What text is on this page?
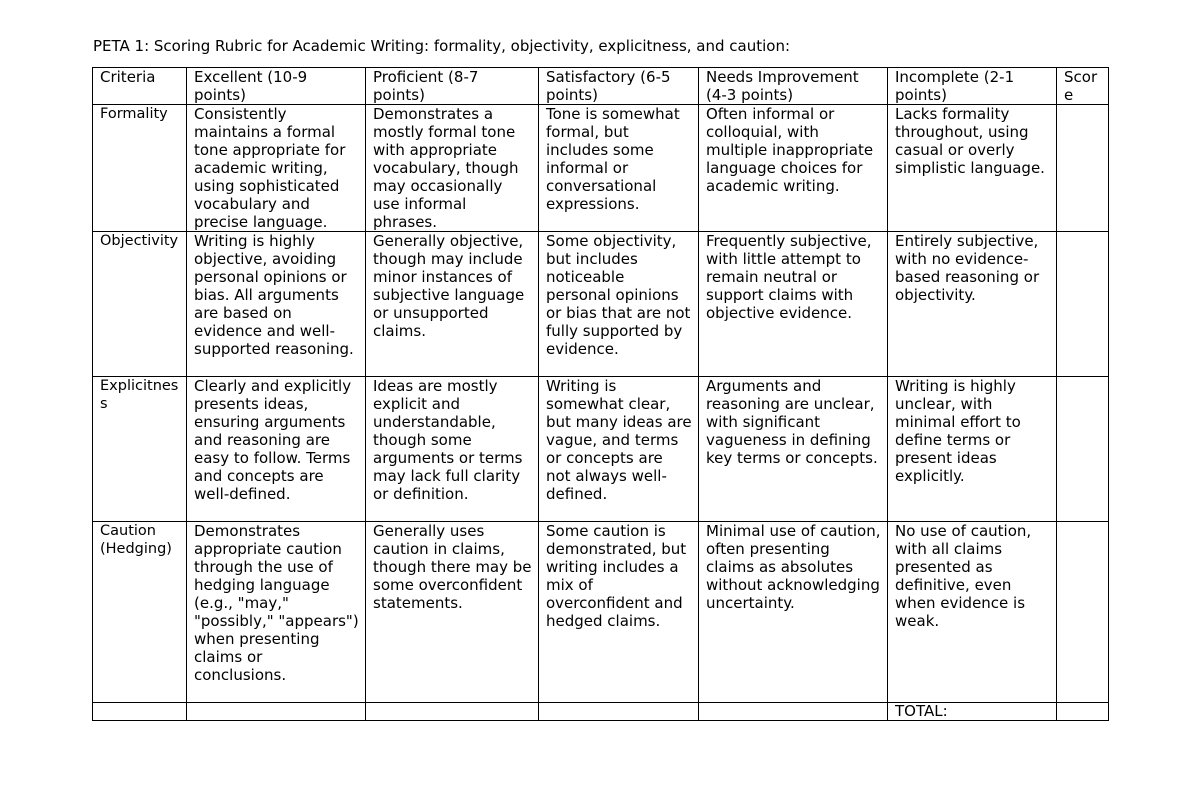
PETA 1: Scoring Rubric for Academic Writing: formality, objectivity, explicitness, and caution:
Criteria	Excellent (10-9 points)	Proficient (8-7 points)	Satisfactory (6-5 points)	Needs Improvement (4-3 points)	Incomplete (2-1 points)	Score
Formality	Consistently maintains a formal tone appropriate for academic writing, using sophisticated vocabulary and precise language.	Demonstrates a mostly formal tone with appropriate vocabulary, though may occasionally use informal phrases.	Tone is somewhat formal, but includes some informal or conversational expressions.	Often informal or colloquial, with multiple inappropriate language choices for academic writing.	Lacks formality throughout, using casual or overly simplistic language.	
Objectivity	Writing is highly objective, avoiding personal opinions or bias. All arguments are based on evidence and well-supported reasoning.	Generally objective, though may include minor instances of subjective language or unsupported claims.	Some objectivity, but includes noticeable personal opinions or bias that are not fully supported by evidence.	Frequently subjective, with little attempt to remain neutral or support claims with objective evidence.	Entirely subjective, with no evidence-based reasoning or objectivity.	
Explicitness	Clearly and explicitly presents ideas, ensuring arguments and reasoning are easy to follow. Terms and concepts are well-defined.	Ideas are mostly explicit and understandable, though some arguments or terms may lack full clarity or definition.	Writing is somewhat clear, but many ideas are vague, and terms or concepts are not always well-defined.	Arguments and reasoning are unclear, with significant vagueness in defining key terms or concepts.	Writing is highly unclear, with minimal effort to define terms or present ideas explicitly.	
Caution (Hedging)	Demonstrates appropriate caution through the use of hedging language (e.g., "may," "possibly," "appears") when presenting claims or conclusions.	Generally uses caution in claims, though there may be some overconfident statements.	Some caution is demonstrated, but writing includes a mix of overconfident and hedged claims.	Minimal use of caution, often presenting claims as absolutes without acknowledging uncertainty.	No use of caution, with all claims presented as definitive, even when evidence is weak.	
					TOTAL:	
